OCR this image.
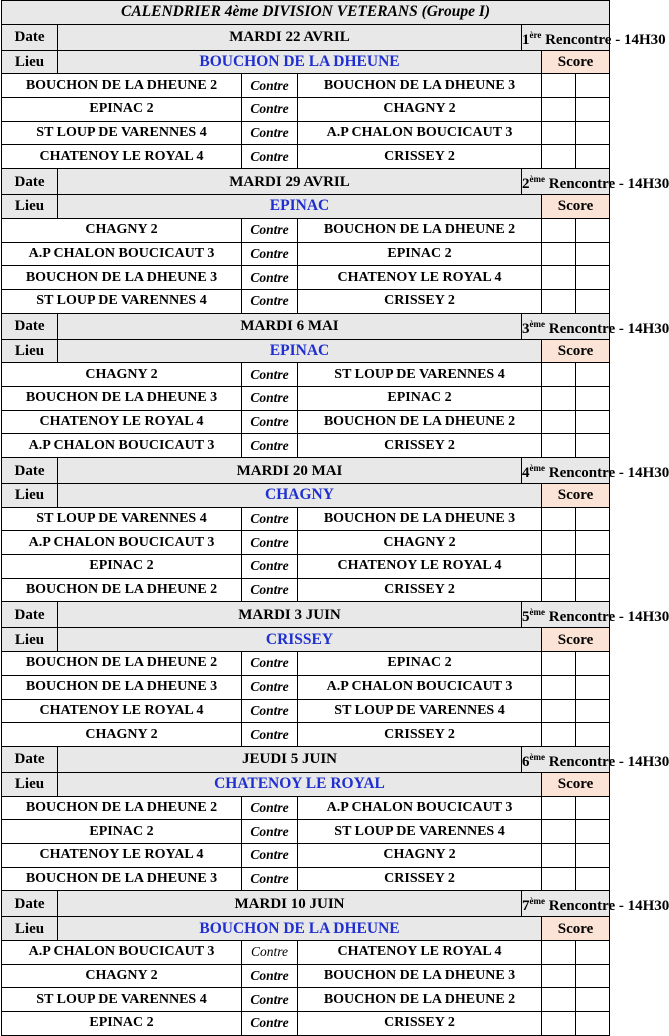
CALENDRIER 4ème DIVISION VETERANS (Groupe I)						
Date	MARDI 22 AVRIL			1ère Rencontre - 14H30		
Lieu	BOUCHON DE LA DHEUNE				Score	
BOUCHON DE LA DHEUNE 2		Contre	BOUCHON DE LA DHEUNE 3			
EPINAC 2		Contre	CHAGNY 2			
ST LOUP DE VARENNES 4		Contre	A.P CHALON BOUCICAUT 3			
CHATENOY LE ROYAL 4		Contre	CRISSEY 2			
Date	MARDI 29 AVRIL			2ème Rencontre - 14H30		
Lieu	EPINAC				Score	
CHAGNY 2		Contre	BOUCHON DE LA DHEUNE 2			
A.P CHALON BOUCICAUT 3		Contre	EPINAC 2			
BOUCHON DE LA DHEUNE 3		Contre	CHATENOY LE ROYAL 4			
ST LOUP DE VARENNES 4		Contre	CRISSEY 2			
Date	MARDI 6 MAI			3ème Rencontre - 14H30		
Lieu	EPINAC				Score	
CHAGNY 2		Contre	ST LOUP DE VARENNES 4			
BOUCHON DE LA DHEUNE 3		Contre	EPINAC 2			
CHATENOY LE ROYAL 4		Contre	BOUCHON DE LA DHEUNE 2			
A.P CHALON BOUCICAUT 3		Contre	CRISSEY 2			
Date	MARDI 20 MAI			4ème Rencontre - 14H30		
Lieu	CHAGNY				Score	
ST LOUP DE VARENNES 4		Contre	BOUCHON DE LA DHEUNE 3			
A.P CHALON BOUCICAUT 3		Contre	CHAGNY 2			
EPINAC 2		Contre	CHATENOY LE ROYAL 4			
BOUCHON DE LA DHEUNE 2		Contre	CRISSEY 2			
Date	MARDI 3 JUIN			5ème Rencontre - 14H30		
Lieu	CRISSEY				Score	
BOUCHON DE LA DHEUNE 2		Contre	EPINAC 2			
BOUCHON DE LA DHEUNE 3		Contre	A.P CHALON BOUCICAUT 3			
CHATENOY LE ROYAL 4		Contre	ST LOUP DE VARENNES 4			
CHAGNY 2		Contre	CRISSEY 2			
Date	JEUDI 5 JUIN			6ème Rencontre - 14H30		
Lieu	CHATENOY LE ROYAL				Score	
BOUCHON DE LA DHEUNE 2		Contre	A.P CHALON BOUCICAUT 3			
EPINAC 2		Contre	ST LOUP DE VARENNES 4			
CHATENOY LE ROYAL 4		Contre	CHAGNY 2			
BOUCHON DE LA DHEUNE 3		Contre	CRISSEY 2			
Date	MARDI 10 JUIN			7ème Rencontre - 14H30		
Lieu	BOUCHON DE LA DHEUNE				Score	
A.P CHALON BOUCICAUT 3		Contre	CHATENOY LE ROYAL 4			
CHAGNY 2		Contre	BOUCHON DE LA DHEUNE 3			
ST LOUP DE VARENNES 4		Contre	BOUCHON DE LA DHEUNE 2			
EPINAC 2		Contre	CRISSEY 2			
